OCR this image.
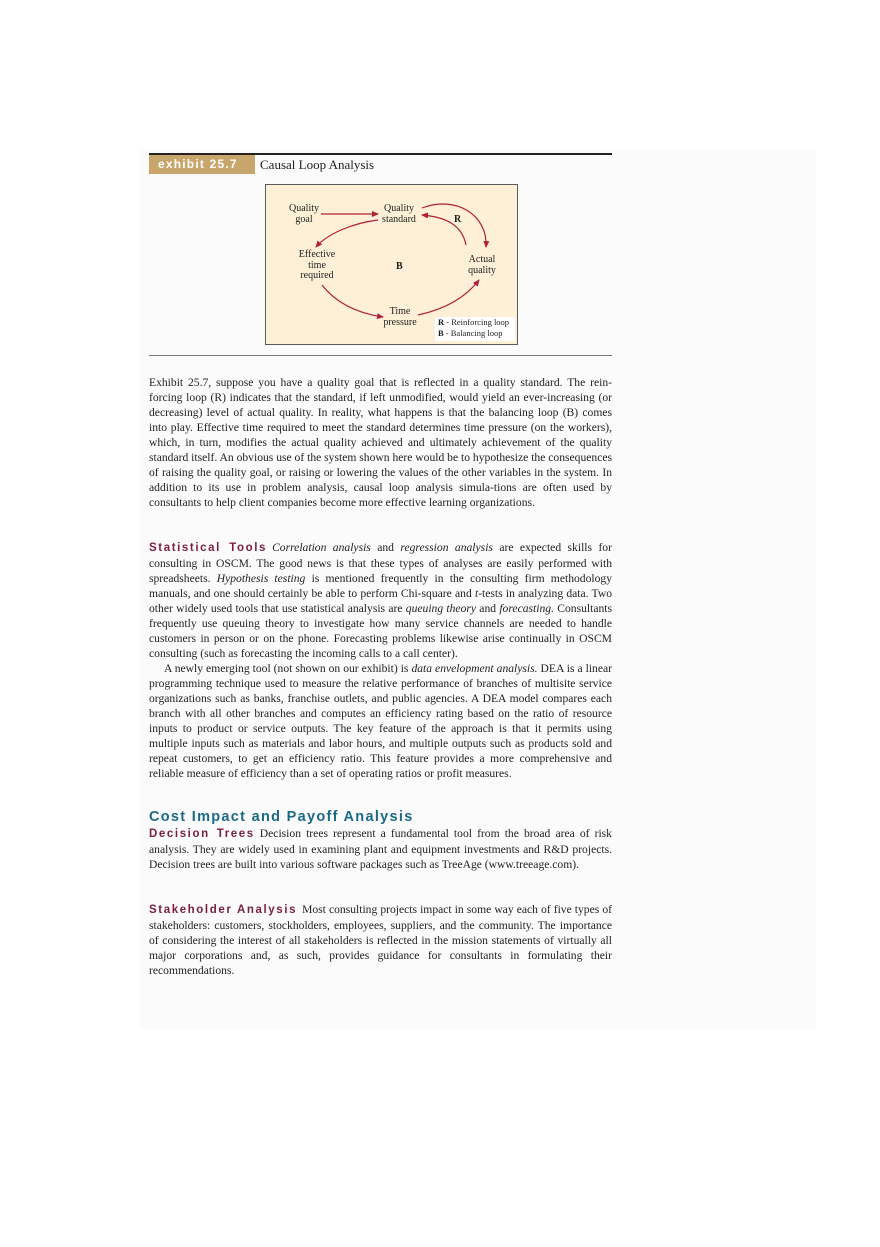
exhibit 25.7	Causal Loop Analysis
Quality
goal
Quality
standard	R
Effective
time
required
B
Actual
quality
Time
pressure	R - Reinforcing loop
B - Balancing loop

Exhibit 25.7, suppose you have a quality goal that is reflected in a quality standard. The rein-forcing loop (R) indicates that the standard, if left unmodified, would yield an ever-increasing (or decreasing) level of actual quality. In reality, what happens is that the balancing loop (B) comes into play. Effective time required to meet the standard determines time pressure (on the workers), which, in turn, modifies the actual quality achieved and ultimately achievement of the quality standard itself. An obvious use of the system shown here would be to hypothesize the consequences of raising the quality goal, or raising or lowering the values of the other variables in the system. In addition to its use in problem analysis, causal loop analysis simula-tions are often used by consultants to help client companies become more effective learning organizations.

Statistical Tools Correlation analysis and regression analysis are expected skills for consulting in OSCM. The good news is that these types of analyses are easily performed with spreadsheets. Hypothesis testing is mentioned frequently in the consulting firm methodology manuals, and one should certainly be able to perform Chi-square and t-tests in analyzing data. Two other widely used tools that use statistical analysis are queuing theory and forecasting. Consultants frequently use queuing theory to investigate how many service channels are needed to handle customers in person or on the phone. Forecasting problems likewise arise continually in OSCM consulting (such as forecasting the incoming calls to a call center).

A newly emerging tool (not shown on our exhibit) is data envelopment analysis. DEA is a linear programming technique used to measure the relative performance of branches of multisite service organizations such as banks, franchise outlets, and public agencies. A DEA model compares each branch with all other branches and computes an efficiency rating based on the ratio of resource inputs to product or service outputs. The key feature of the approach is that it permits using multiple inputs such as materials and labor hours, and multiple outputs such as products sold and repeat customers, to get an efficiency ratio. This feature provides a more comprehensive and reliable measure of efficiency than a set of operating ratios or profit measures.

Cost Impact and Payoff Analysis

Decision Trees Decision trees represent a fundamental tool from the broad area of risk analysis. They are widely used in examining plant and equipment investments and R&D projects. Decision trees are built into various software packages such as TreeAge (www.treeage.com).

Stakeholder Analysis Most consulting projects impact in some way each of five types of stakeholders: customers, stockholders, employees, suppliers, and the community. The importance of considering the interest of all stakeholders is reflected in the mission statements of virtually all major corporations and, as such, provides guidance for consultants in formulating their recommendations.
